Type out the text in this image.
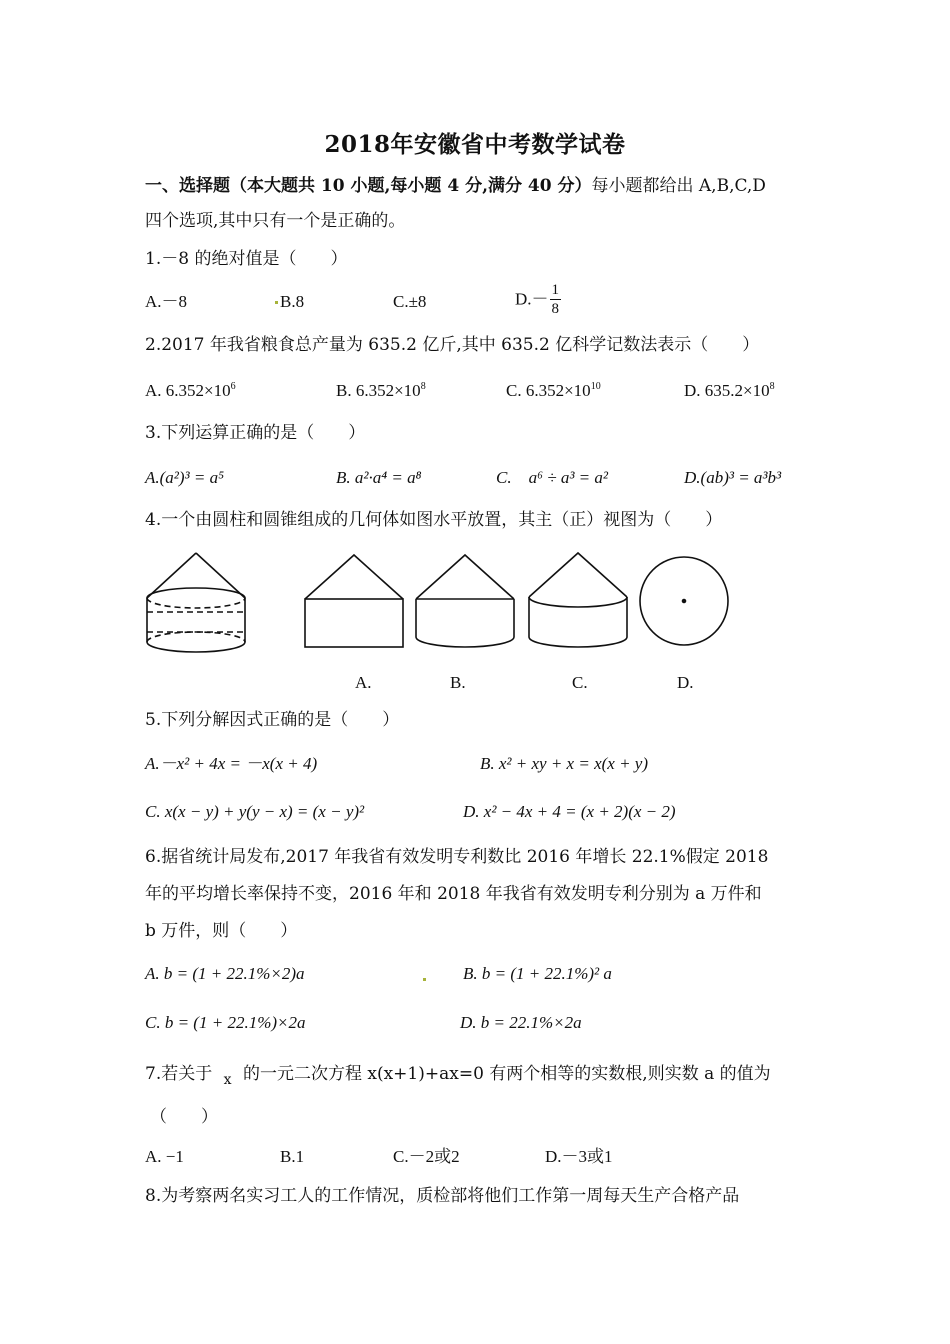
2018年安徽省中考数学试卷
一、选择题（本大题共 10 小题,每小题 4 分,满分 40 分）每小题都给出 A,B,C,D
四个选项,其中只有一个是正确的。
1.－8 的绝对值是（　　）
A.－8	B.8	C.±8	$D.- \frac{1}{8}$
2.2017 年我省粮食总产量为 635.2 亿斤,其中 635.2 亿科学记数法表示（　　）
A. $6.352\times 10^6$	B. $6.352\times 10^8$	C. $6.352\times 10^{10}$	D. $635.2\times 10^8$
3.下列运算正确的是（　　）
A.(a²)³ = a⁵	B. a²·a⁴ = a⁸	C.　a⁶ ÷ a³ = a²	D.(ab)³ = a³b³
4.一个由圆柱和圆锥组成的几何体如图水平放置，其主（正）视图为（　　）
A.	B.	C.	D.
5.下列分解因式正确的是（　　）
A.－x² + 4x = －x(x + 4)	B. x² + xy + x = x(x + y)
C. x(x − y) + y(y − x) = (x − y)²	D. x² − 4x + 4 = (x + 2)(x − 2)
6.据省统计局发布,2017 年我省有效发明专利数比 2016 年增长 22.1%假定 2018
年的平均增长率保持不变，2016 年和 2018 年我省有效发明专利分别为 a 万件和
b 万件，则（　　）
A. b = (1 + 22.1%×2)a	B. b = (1 + 22.1%)² a
C. b = (1 + 22.1%)×2a	D. b = 22.1%×2a
7.若关于 $_x$ 的一元二次方程 x(x+1)+ax=0 有两个相等的实数根,则实数 a 的值为
（　　）
A. −1	B.1	C.－2或2	D.－3或1
8.为考察两名实习工人的工作情况，质检部将他们工作第一周每天生产合格产品
